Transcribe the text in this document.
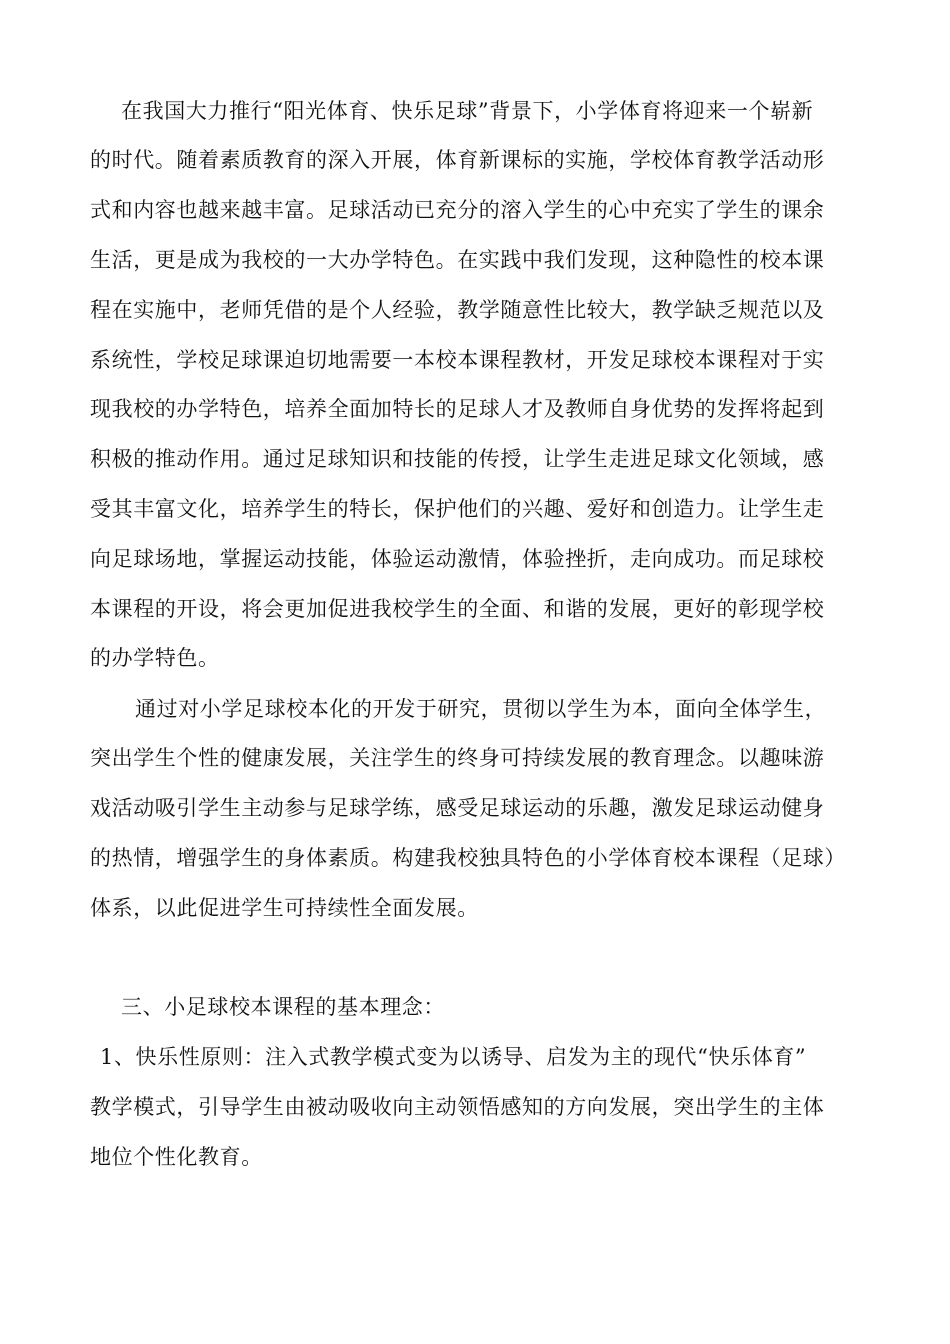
在我国大力推行“阳光体育、快乐足球”背景下，小学体育将迎来一个崭新
的时代。随着素质教育的深入开展，体育新课标的实施，学校体育教学活动形
式和内容也越来越丰富。足球活动已充分的溶入学生的心中充实了学生的课余
生活，更是成为我校的一大办学特色。在实践中我们发现，这种隐性的校本课
程在实施中，老师凭借的是个人经验，教学随意性比较大，教学缺乏规范以及
系统性，学校足球课迫切地需要一本校本课程教材，开发足球校本课程对于实
现我校的办学特色，培养全面加特长的足球人才及教师自身优势的发挥将起到
积极的推动作用。通过足球知识和技能的传授，让学生走进足球文化领域，感
受其丰富文化，培养学生的特长，保护他们的兴趣、爱好和创造力。让学生走
向足球场地，掌握运动技能，体验运动激情，体验挫折，走向成功。而足球校
本课程的开设，将会更加促进我校学生的全面、和谐的发展，更好的彰现学校
的办学特色。
通过对小学足球校本化的开发于研究，贯彻以学生为本，面向全体学生，
突出学生个性的健康发展，关注学生的终身可持续发展的教育理念。以趣味游
戏活动吸引学生主动参与足球学练，感受足球运动的乐趣，激发足球运动健身
的热情，增强学生的身体素质。构建我校独具特色的小学体育校本课程（足球）
体系，以此促进学生可持续性全面发展。
三、小足球校本课程的基本理念：
1、快乐性原则：注入式教学模式变为以诱导、启发为主的现代“快乐体育”
教学模式，引导学生由被动吸收向主动领悟感知的方向发展，突出学生的主体
地位个性化教育。
